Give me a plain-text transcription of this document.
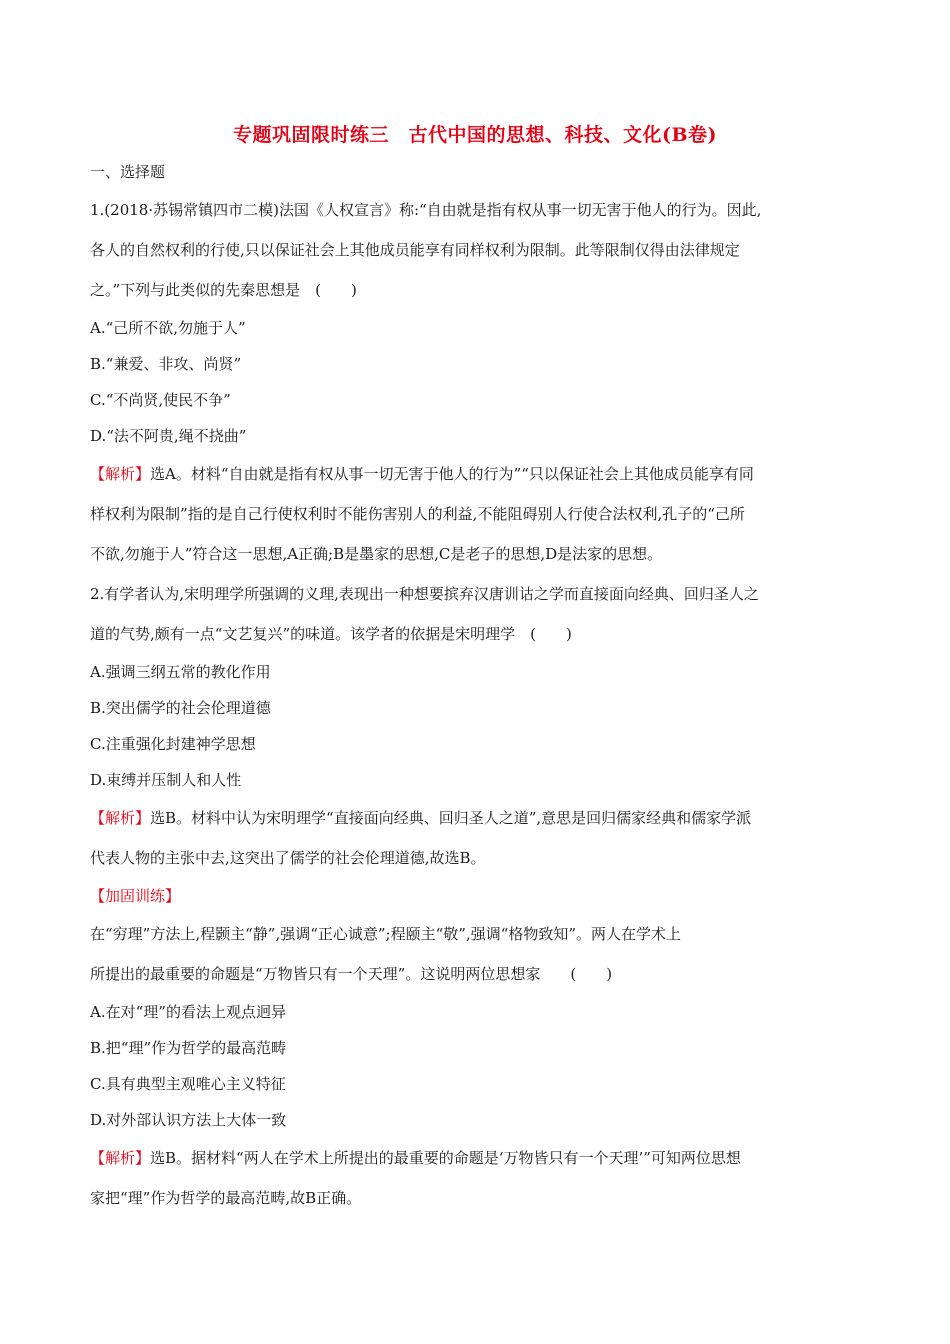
专题巩固限时练三　古代中国的思想、科技、文化(B卷)
一、选择题
1.(2018·苏锡常镇四市二模)法国《人权宣言》称:“自由就是指有权从事一切无害于他人的行为。因此,
各人的自然权利的行使,只以保证社会上其他成员能享有同样权利为限制。此等限制仅得由法律规定
之。”下列与此类似的先秦思想是　(　　)
A.“己所不欲,勿施于人”
B.“兼爱、非攻、尚贤”
C.“不尚贤,使民不争”
D.“法不阿贵,绳不挠曲”
【解析】选A。材料“自由就是指有权从事一切无害于他人的行为”“只以保证社会上其他成员能享有同
样权利为限制”指的是自己行使权利时不能伤害别人的利益,不能阻碍别人行使合法权利,孔子的“己所
不欲,勿施于人”符合这一思想,A正确;B是墨家的思想,C是老子的思想,D是法家的思想。
2.有学者认为,宋明理学所强调的义理,表现出一种想要摈弃汉唐训诂之学而直接面向经典、回归圣人之
道的气势,颇有一点“文艺复兴”的味道。该学者的依据是宋明理学　(　　)
A.强调三纲五常的教化作用
B.突出儒学的社会伦理道德
C.注重强化封建神学思想
D.束缚并压制人和人性
【解析】选B。材料中认为宋明理学“直接面向经典、回归圣人之道”,意思是回归儒家经典和儒家学派
代表人物的主张中去,这突出了儒学的社会伦理道德,故选B。
【加固训练】
在“穷理”方法上,程颢主“静”,强调“正心诚意”;程颐主“敬”,强调“格物致知”。两人在学术上
所提出的最重要的命题是“万物皆只有一个天理”。这说明两位思想家　　(　　)
A.在对“理”的看法上观点迥异
B.把“理”作为哲学的最高范畴
C.具有典型主观唯心主义特征
D.对外部认识方法上大体一致
【解析】选B。据材料“两人在学术上所提出的最重要的命题是‘万物皆只有一个天理’”可知两位思想
家把“理”作为哲学的最高范畴,故B正确。
